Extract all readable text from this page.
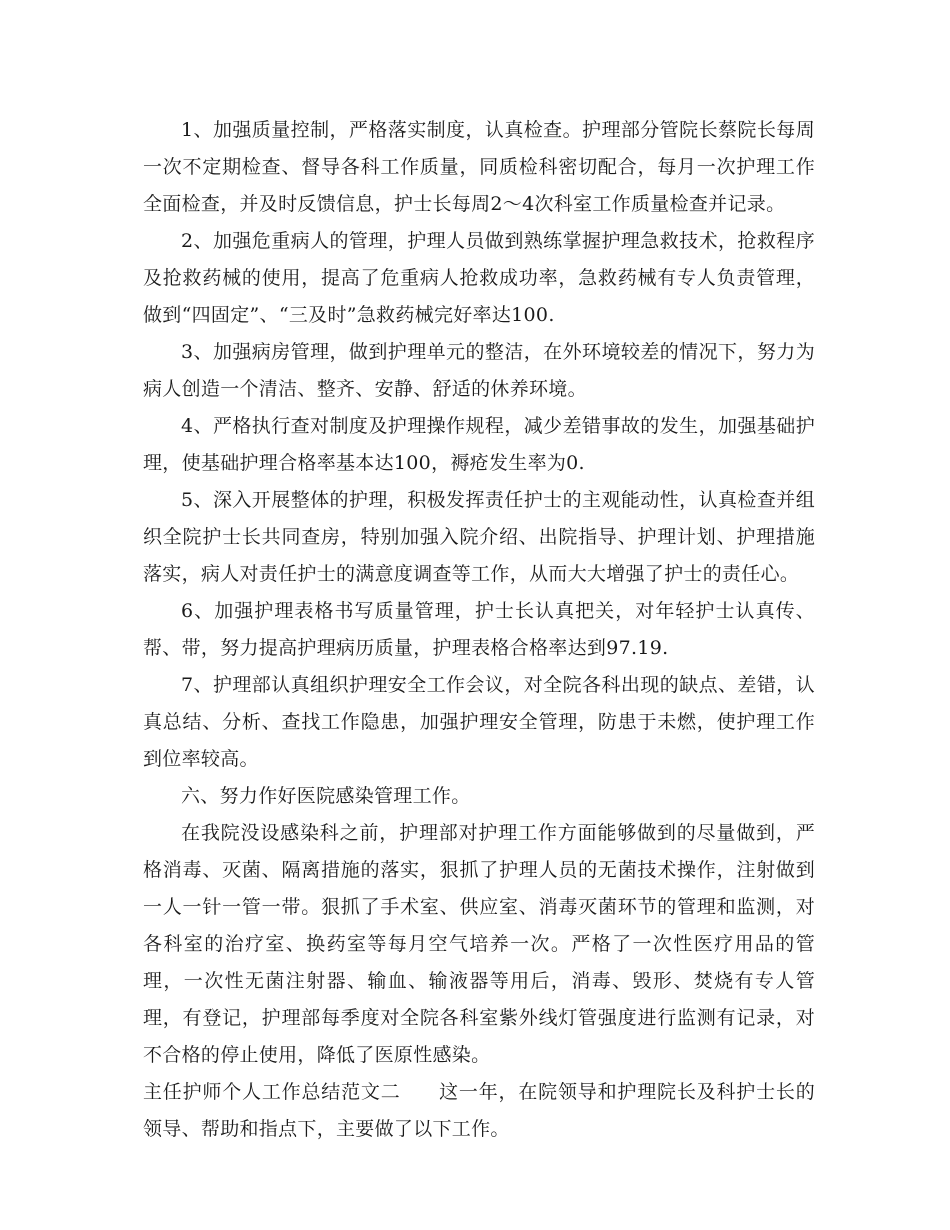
1、加强质量控制，严格落实制度，认真检查。护理部分管院长蔡院长每周一次不定期检查、督导各科工作质量，同质检科密切配合，每月一次护理工作全面检查，并及时反馈信息，护士长每周2～4次科室工作质量检查并记录。

2、加强危重病人的管理，护理人员做到熟练掌握护理急救技术，抢救程序及抢救药械的使用，提高了危重病人抢救成功率，急救药械有专人负责管理，做到“四固定”、“三及时”急救药械完好率达100.

3、加强病房管理，做到护理单元的整洁，在外环境较差的情况下，努力为病人创造一个清洁、整齐、安静、舒适的休养环境。

4、严格执行查对制度及护理操作规程，减少差错事故的发生，加强基础护理，使基础护理合格率基本达100，褥疮发生率为0.

5、深入开展整体的护理，积极发挥责任护士的主观能动性，认真检查并组织全院护士长共同查房，特别加强入院介绍、出院指导、护理计划、护理措施落实，病人对责任护士的满意度调查等工作，从而大大增强了护士的责任心。

6、加强护理表格书写质量管理，护士长认真把关，对年轻护士认真传、帮、带，努力提高护理病历质量，护理表格合格率达到97.19.

7、护理部认真组织护理安全工作会议，对全院各科出现的缺点、差错，认真总结、分析、查找工作隐患，加强护理安全管理，防患于未燃，使护理工作到位率较高。

六、努力作好医院感染管理工作。

在我院没设感染科之前，护理部对护理工作方面能够做到的尽量做到，严格消毒、灭菌、隔离措施的落实，狠抓了护理人员的无菌技术操作，注射做到一人一针一管一带。狠抓了手术室、供应室、消毒灭菌环节的管理和监测，对各科室的治疗室、换药室等每月空气培养一次。严格了一次性医疗用品的管理，一次性无菌注射器、输血、输液器等用后，消毒、毁形、焚烧有专人管理，有登记，护理部每季度对全院各科室紫外线灯管强度进行监测有记录，对不合格的停止使用，降低了医原性感染。

主任护师个人工作总结范文二 这一年，在院领导和护理院长及科护士长的领导、帮助和指点下，主要做了以下工作。
